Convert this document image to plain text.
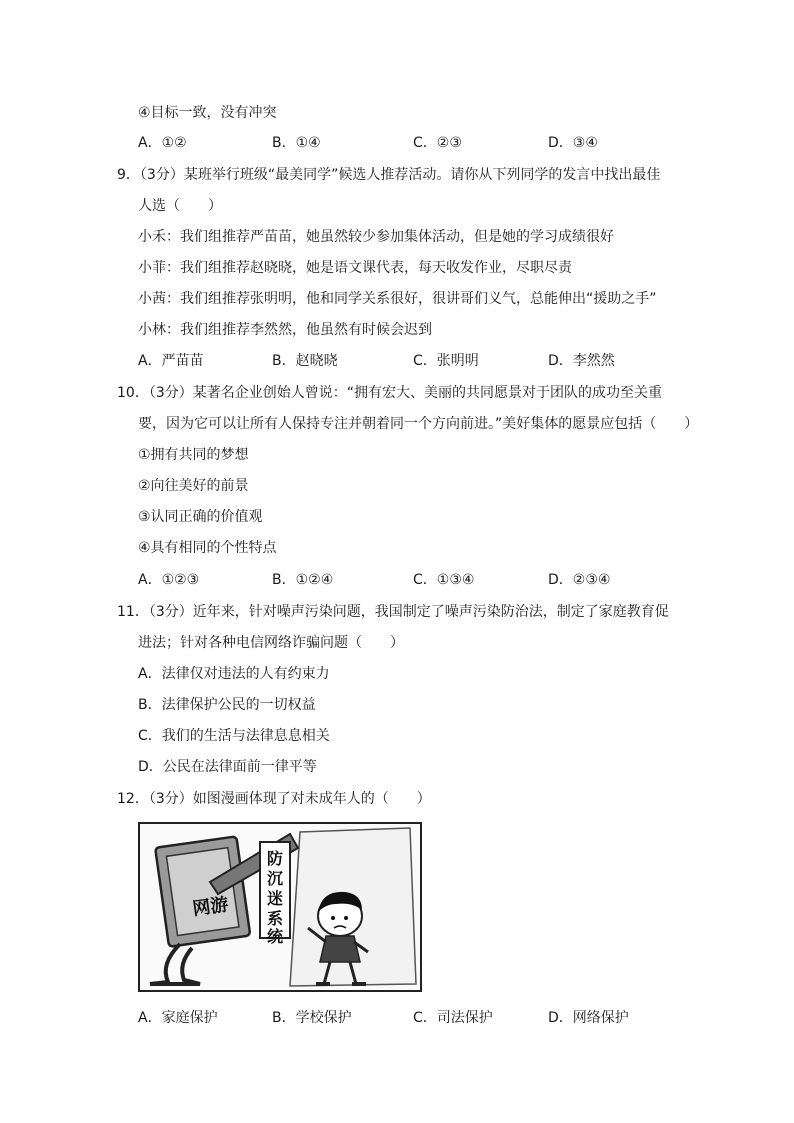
④目标一致，没有冲突
A．①②	B．①④	C．②③	D．③④
9．（3分）某班举行班级“最美同学”候选人推荐活动。请你从下列同学的发言中找出最佳
人选（　　）
小禾：我们组推荐严苗苗，她虽然较少参加集体活动，但是她的学习成绩很好
小菲：我们组推荐赵晓晓，她是语文课代表，每天收发作业，尽职尽责
小茜：我们组推荐张明明，他和同学关系很好，很讲哥们义气，总能伸出“援助之手”
小林：我们组推荐李然然，他虽然有时候会迟到
A．严苗苗	B．赵晓晓	C．张明明	D．李然然
10．（3分）某著名企业创始人曾说：“拥有宏大、美丽的共同愿景对于团队的成功至关重
要，因为它可以让所有人保持专注并朝着同一个方向前进。”美好集体的愿景应包括（　　）
①拥有共同的梦想
②向往美好的前景
③认同正确的价值观
④具有相同的个性特点
A．①②③	B．①②④	C．①③④	D．②③④
11．（3分）近年来，针对噪声污染问题，我国制定了噪声污染防治法，制定了家庭教育促
进法；针对各种电信网络诈骗问题（　　）
A．法律仅对违法的人有约束力
B．法律保护公民的一切权益
C．我们的生活与法律息息相关
D．公民在法律面前一律平等
12．（3分）如图漫画体现了对未成年人的（　　）
网游
防 沉 迷 系 统
A．家庭保护	B．学校保护	C．司法保护	D．网络保护
